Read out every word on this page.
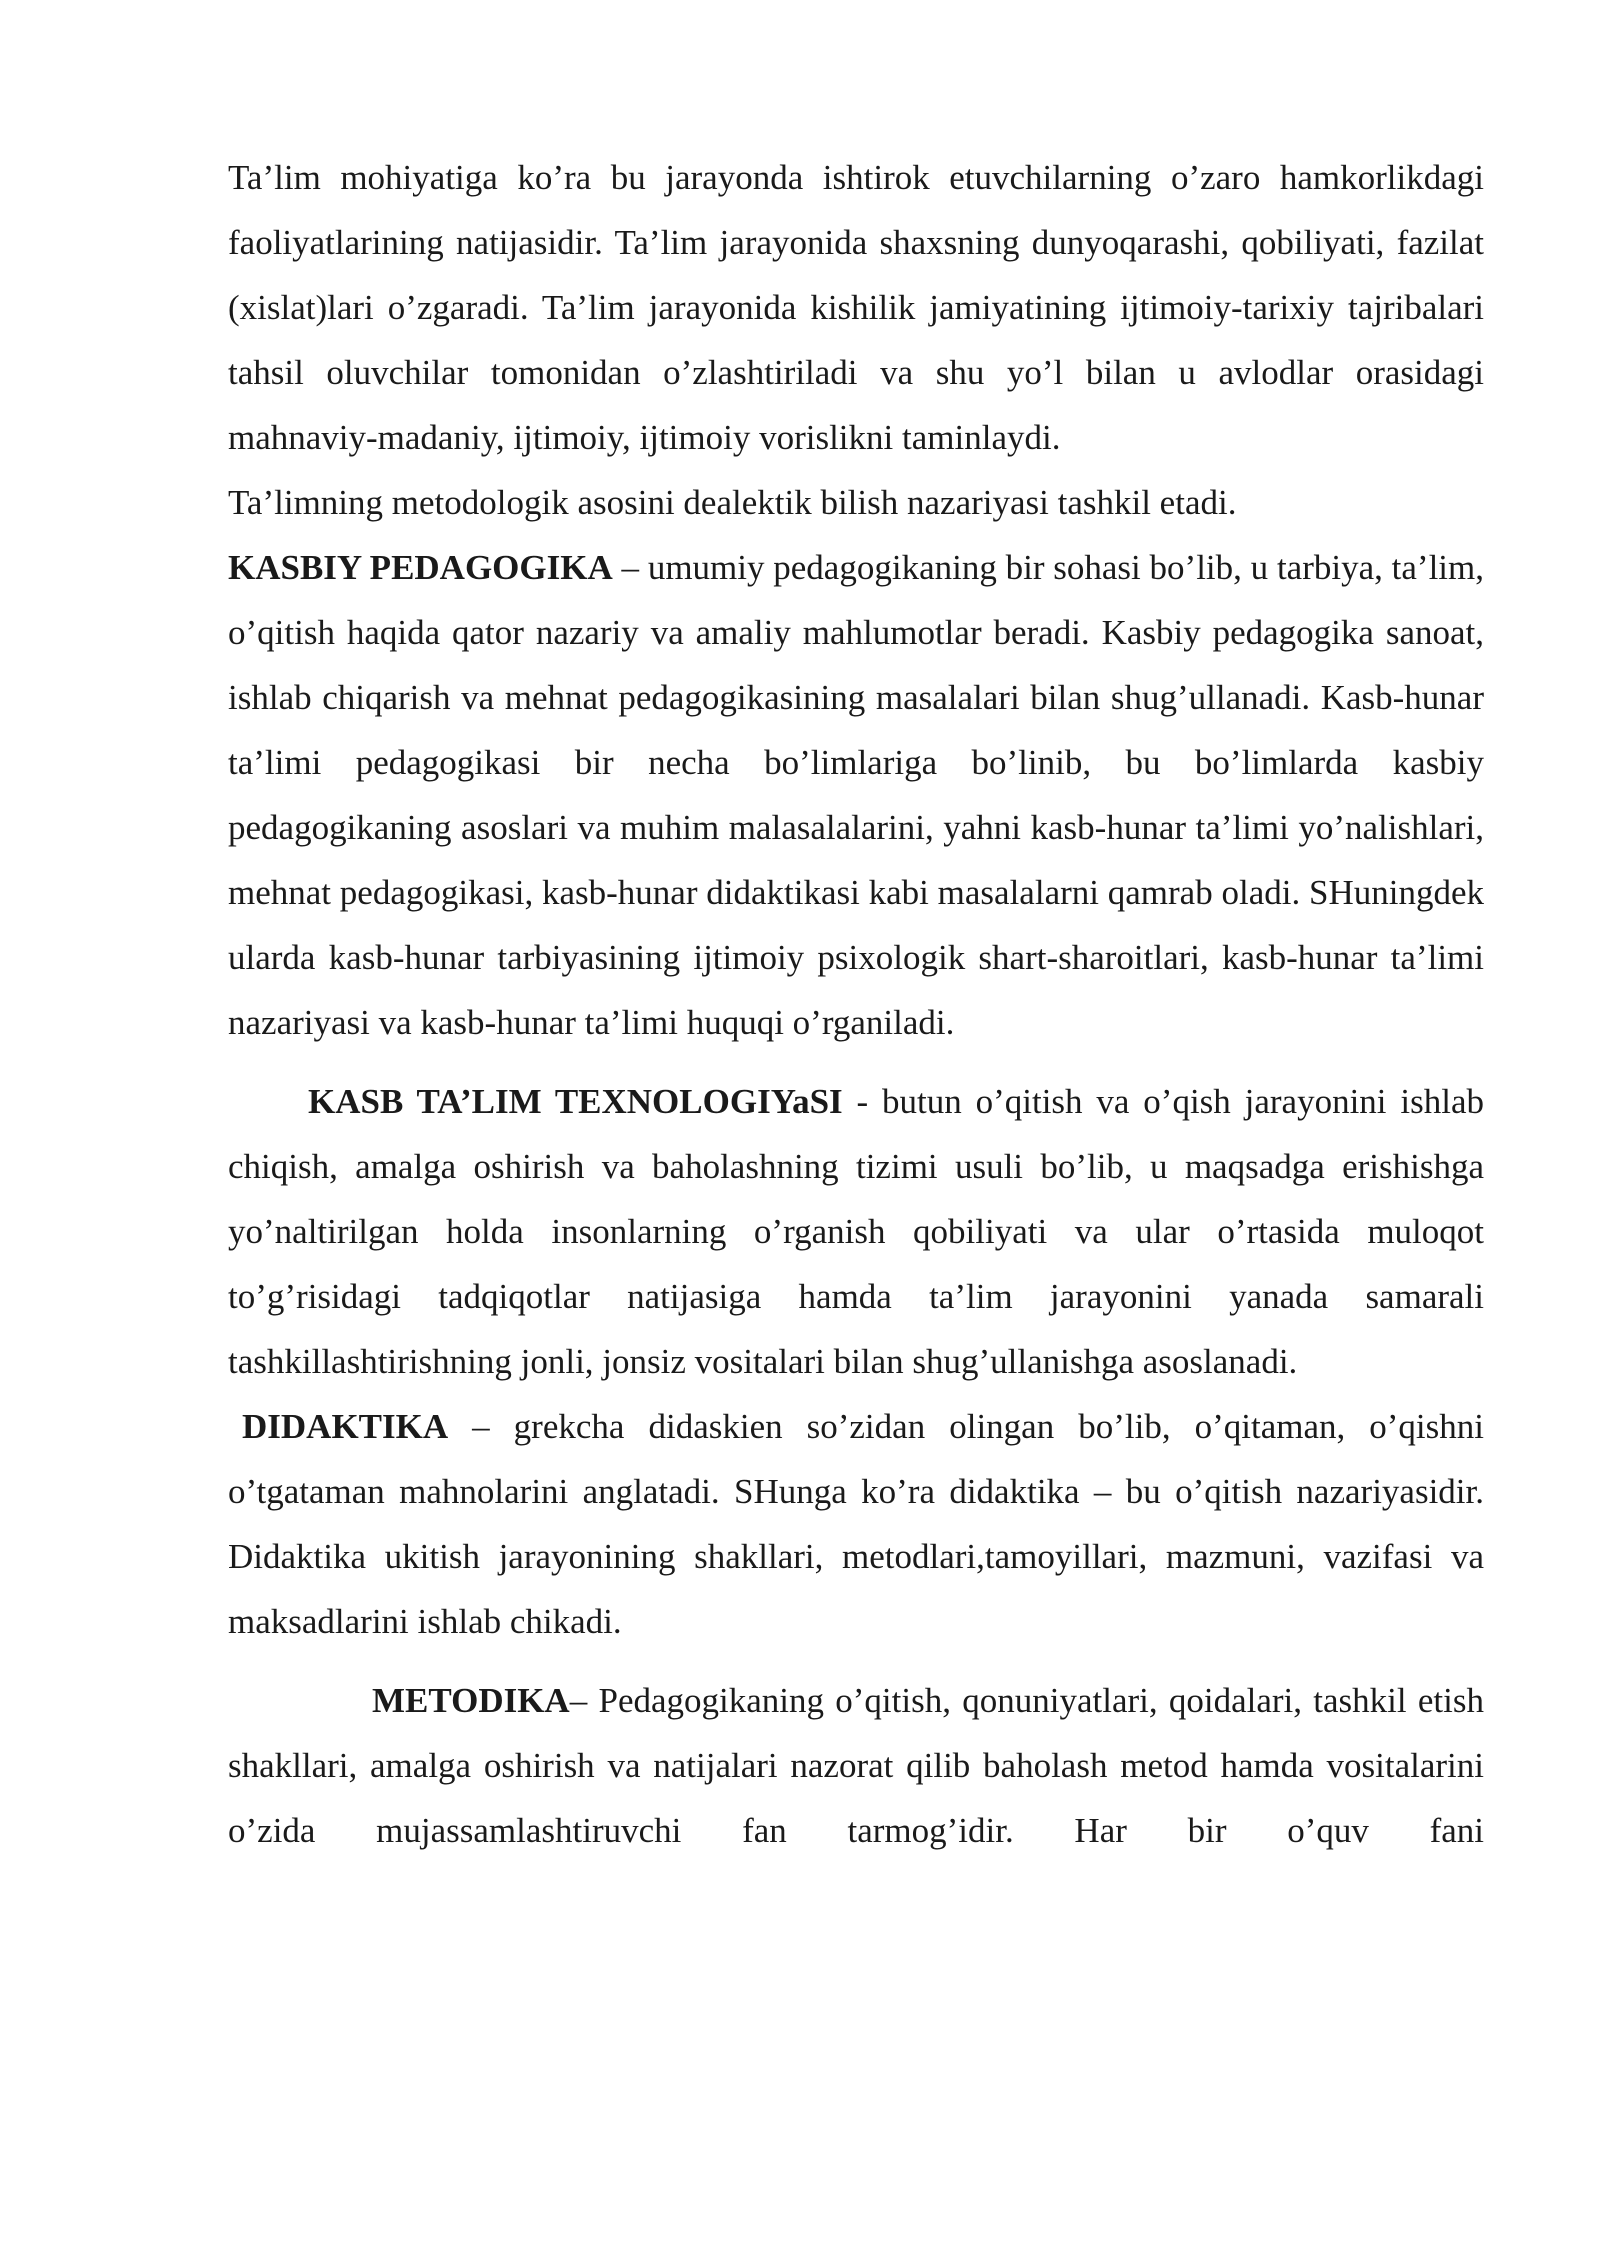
Ta’lim mohiyatiga ko’ra bu jarayonda ishtirok etuvchilarning o’zaro hamkorlikdagi faoliyatlarining natijasidir. Ta’lim jarayonida shaxsning dunyoqarashi, qobiliyati, fazilat (xislat)lari o’zgaradi. Ta’lim jarayonida kishilik jamiyatining ijtimoiy-tarixiy tajribalari tahsil oluvchilar tomonidan o’zlashtiriladi va shu yo’l bilan u avlodlar orasidagi mahnaviy-madaniy, ijtimoiy, ijtimoiy vorislikni taminlaydi.

Ta’limning metodologik asosini dealektik bilish nazariyasi tashkil etadi.

KASBIY PEDAGOGIKA – umumiy pedagogikaning bir sohasi bo’lib, u tarbiya, ta’lim, o’qitish haqida qator nazariy va amaliy mahlumotlar beradi. Kasbiy pedagogika sanoat, ishlab chiqarish va mehnat pedagogikasining masalalari bilan shug’ullanadi. Kasb-hunar ta’limi pedagogikasi bir necha bo’limlariga bo’linib, bu bo’limlarda kasbiy pedagogikaning asoslari va muhim malasalalarini, yahni kasb-hunar ta’limi yo’nalishlari, mehnat pedagogikasi, kasb-hunar didaktikasi kabi masalalarni qamrab oladi. SHuningdek ularda kasb-hunar tarbiyasining ijtimoiy psixologik shart-sharoitlari, kasb-hunar ta’limi nazariyasi va kasb-hunar ta’limi huquqi o’rganiladi.

KASB TA’LIM TEXNOLOGIYaSI - butun o’qitish va o’qish jarayonini ishlab chiqish, amalga oshirish va baholashning tizimi usuli bo’lib, u maqsadga erishishga yo’naltirilgan holda insonlarning o’rganish qobiliyati va ular o’rtasida muloqot to’g’risidagi tadqiqotlar natijasiga hamda ta’lim jarayonini yanada samarali tashkillashtirishning jonli, jonsiz vositalari bilan shug’ullanishga asoslanadi.

DIDAKTIKA – grekcha didaskien so’zidan olingan bo’lib, o’qitaman, o’qishni o’tgataman mahnolarini anglatadi. SHunga ko’ra didaktika – bu o’qitish nazariyasidir. Didaktika ukitish jarayonining shakllari, metodlari,tamoyillari, mazmuni, vazifasi va maksadlarini ishlab chikadi.

METODIKA– Pedagogikaning o’qitish, qonuniyatlari, qoidalari, tashkil etish shakllari, amalga oshirish va natijalari nazorat qilib baholash metod hamda vositalarini o’zida mujassamlashtiruvchi fan tarmog’idir. Har bir o’quv fani
